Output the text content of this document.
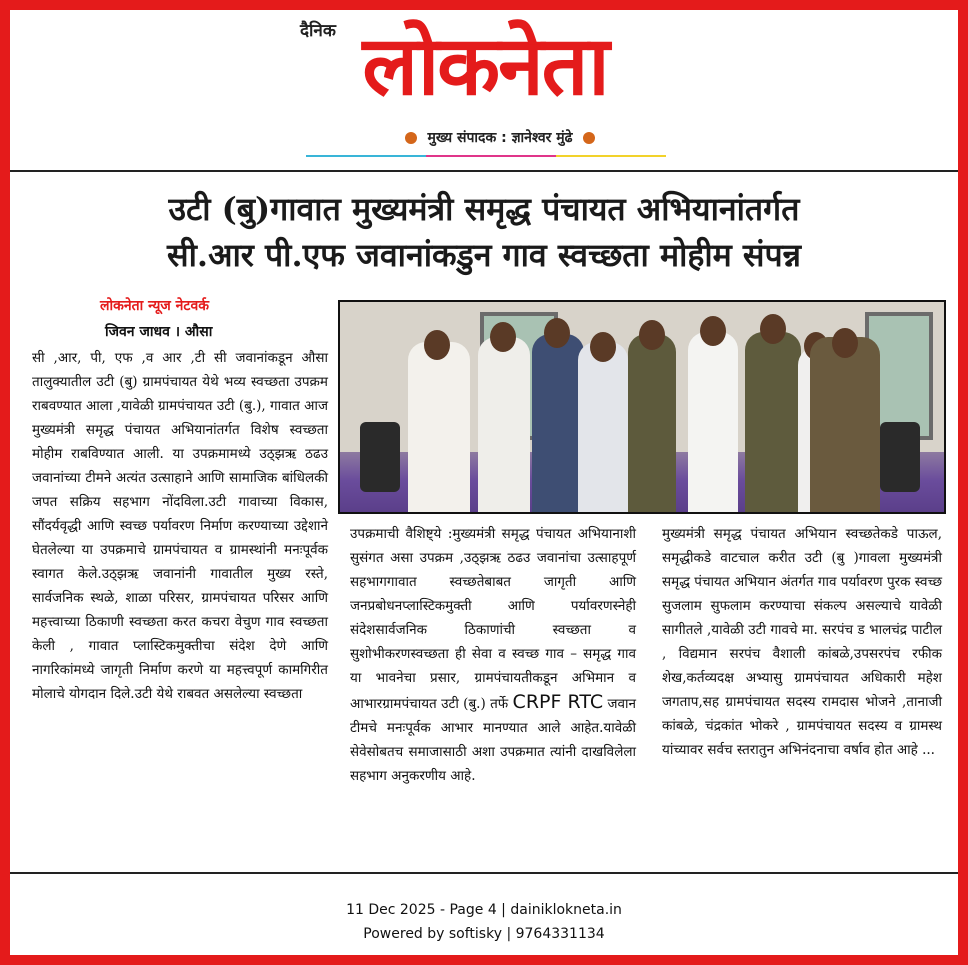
दैनिक लोकनेता
मुख्य संपादक : ज्ञानेश्वर मुंढे
उटी (बु)गावात मुख्यमंत्री समृद्ध पंचायत अभियानांतर्गत
सी.आर पी.एफ जवानांकडुन गाव स्वच्छता मोहीम संपन्न
लोकनेता न्यूज नेटवर्क
जिवन जाधव । औसा
सी ,आर, पी, एफ ,व आर ,टी सी जवानांकडून औसा तालुक्यातील उटी (बु) ग्रामपंचायत येथे भव्य स्वच्छता उपक्रम राबवण्यात आला ,यावेळी ग्रामपंचायत उटी (बु.), गावात आज मुख्यमंत्री समृद्ध पंचायत अभियानांतर्गत विशेष स्वच्छता मोहीम राबविण्यात आली. या उपक्रमामध्ये उठ्झऋ ठढउ जवानांच्या टीमने अत्यंत उत्साहाने आणि सामाजिक बांधिलकी जपत सक्रिय सहभाग नोंदविला.उटी गावाच्या विकास, सौंदर्यवृद्धी आणि स्वच्छ पर्यावरण निर्माण करण्याच्या उद्देशाने घेतलेल्या या उपक्रमाचे ग्रामपंचायत व ग्रामस्थांनी मनःपूर्वक स्वागत केले.उठ्झऋ जवानांनी गावातील मुख्य रस्ते, सार्वजनिक स्थळे, शाळा परिसर, ग्रामपंचायत परिसर आणि महत्त्वाच्या ठिकाणी स्वच्छता करत कचरा वेचुण गाव स्वच्छता केली , गावात प्लास्टिकमुक्तीचा संदेश देणे आणि नागरिकांमध्ये जागृती निर्माण करणे या महत्त्वपूर्ण कामगिरीत मोलाचे योगदान दिले.उटी येथे राबवत असलेल्या स्वच्छता
उपक्रमाची वैशिष्ट्ये :मुख्यमंत्री समृद्ध पंचायत अभियानाशी सुसंगत असा उपक्रम ,उठ्झऋ ठढउ जवानांचा उत्साहपूर्ण सहभागगावात स्वच्छतेबाबत जागृती आणि जनप्रबोधनप्लास्टिकमुक्ती आणि पर्यावरणस्नेही संदेशसार्वजनिक ठिकाणांची स्वच्छता व सुशोभीकरणस्वच्छता ही सेवा व स्वच्छ गाव – समृद्ध गाव या भावनेचा प्रसार, ग्रामपंचायतीकडून अभिमान व आभारग्रामपंचायत उटी (बु.) तर्फे CRPF RTC जवान टीमचे मनःपूर्वक आभार मानण्यात आले आहेत.यावेळी सेवेसोबतच समाजासाठी अशा उपक्रमात त्यांनी दाखविलेला सहभाग अनुकरणीय आहे.
मुख्यमंत्री समृद्ध पंचायत अभियान स्वच्छतेकडे पाऊल, समृद्धीकडे वाटचाल करीत उटी (बु )गावला मुख्यमंत्री समृद्ध पंचायत अभियान अंतर्गत गाव पर्यावरण पुरक स्वच्छ सुजलाम सुफलाम करण्याचा संकल्प असल्याचे यावेळी सागीतले ,यावेळी उटी गावचे मा. सरपंच ड भालचंद्र पाटील , विद्यमान सरपंच वैशाली कांबळे,उपसरपंच रफीक शेख,कर्तव्यदक्ष अभ्यासु ग्रामपंचायत अधिकारी महेश जगताप,सह ग्रामपंचायत सदस्य रामदास भोजने ,तानाजी कांबळे, चंद्रकांत भोकरे , ग्रामपंचायत सदस्य व ग्रामस्थ यांच्यावर सर्वच स्तरातुन अभिनंदनाचा वर्षाव होत आहे ...
11 Dec 2025 - Page 4 | dainiklokneta.in
Powered by softisky | 9764331134
